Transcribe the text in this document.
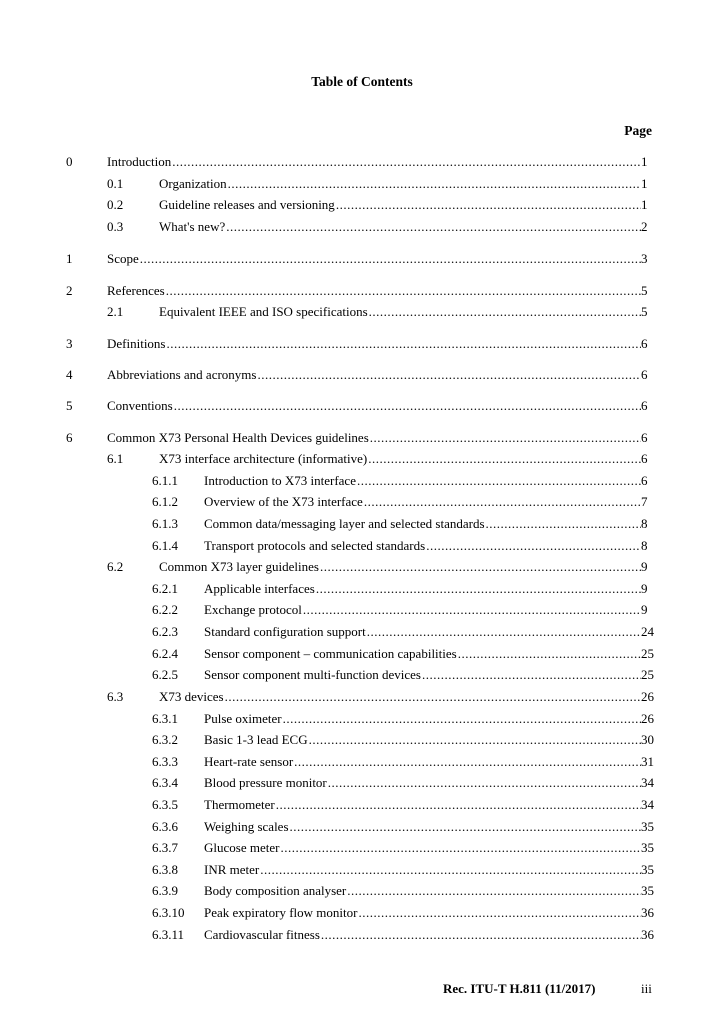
Table of Contents
Page
0	Introduction .....	1
0.1	Organization .....	1
0.2	Guideline releases and versioning .....	1
0.3	What's new? .....	2
1	Scope .....	3
2	References .....	5
2.1	Equivalent IEEE and ISO specifications .....	5
3	Definitions .....	6
4	Abbreviations and acronyms .....	6
5	Conventions .....	6
6	Common X73 Personal Health Devices guidelines .....	6
6.1	X73 interface architecture (informative) .....	6
6.1.1 Introduction to X73 interface .....	6
6.1.2 Overview of the X73 interface .....	7
6.1.3 Common data/messaging layer and selected standards .....	8
6.1.4 Transport protocols and selected standards .....	8
6.2	Common X73 layer guidelines .....	9
6.2.1 Applicable interfaces .....	9
6.2.2 Exchange protocol .....	9
6.2.3 Standard configuration support .....	24
6.2.4 Sensor component – communication capabilities .....	25
6.2.5 Sensor component multi-function devices .....	25
6.3	X73 devices .....	26
6.3.1 Pulse oximeter .....	26
6.3.2 Basic 1-3 lead ECG .....	30
6.3.3 Heart-rate sensor .....	31
6.3.4 Blood pressure monitor .....	34
6.3.5 Thermometer .....	34
6.3.6 Weighing scales .....	35
6.3.7 Glucose meter .....	35
6.3.8 INR meter .....	35
6.3.9 Body composition analyser .....	35
6.3.10 Peak expiratory flow monitor .....	36
6.3.11 Cardiovascular fitness .....	36
Rec. ITU-T H.811 (11/2017)	iii
